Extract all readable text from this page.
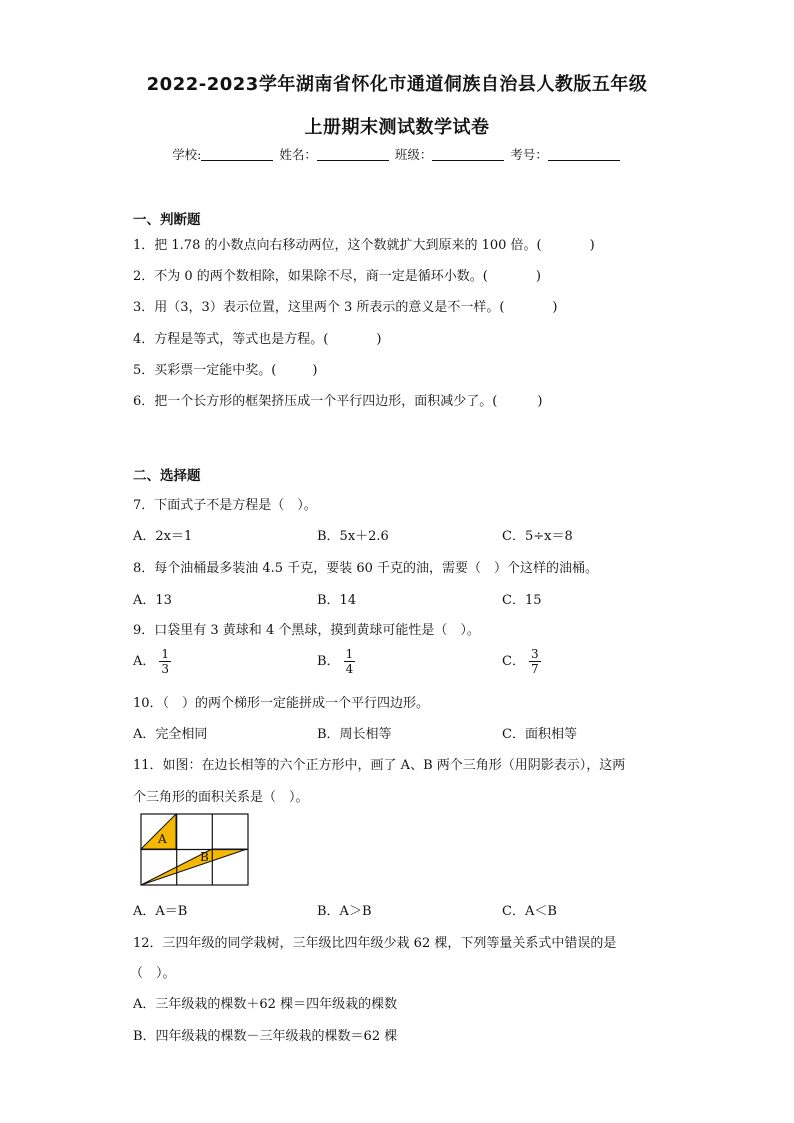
2022-2023学年湖南省怀化市通道侗族自治县人教版五年级
上册期末测试数学试卷
学校:	姓名：	班级：	考号：
一、判断题
1．把 1.78 的小数点向右移动两位，这个数就扩大到原来的 100 倍。(	)
2．不为 0 的两个数相除，如果除不尽，商一定是循环小数。(	)
3．用（3，3）表示位置，这里两个 3 所表示的意义是不一样。(	)
4．方程是等式，等式也是方程。(	)
5．买彩票一定能中奖。(	)
6．把一个长方形的框架挤压成一个平行四边形，面积减少了。(	)
二、选择题
7．下面式子不是方程是（　）。
A．2x＝1	B．5x＋2.6	C．5÷x＝8
8．每个油桶最多装油 4.5 千克，要装 60 千克的油，需要（　）个这样的油桶。
A．13	B．14	C．15
9．口袋里有 3 黄球和 4 个黑球，摸到黄球可能性是（　）。
A． $\frac{1}{3}$	B． $\frac{1}{4}$	C． $\frac{3}{7}$
10．（　）的两个梯形一定能拼成一个平行四边形。
A．完全相同	B．周长相等	C．面积相等
11．如图：在边长相等的六个正方形中，画了 A、B 两个三角形（用阴影表示），这两
个三角形的面积关系是（　）。
A
B
A．A＝B	B．A＞B	C．A＜B
12．三四年级的同学栽树，三年级比四年级少栽 62 棵，下列等量关系式中错误的是
（　）。
A．三年级栽的棵数＋62 棵＝四年级栽的棵数
B．四年级栽的棵数－三年级栽的棵数＝62 棵
